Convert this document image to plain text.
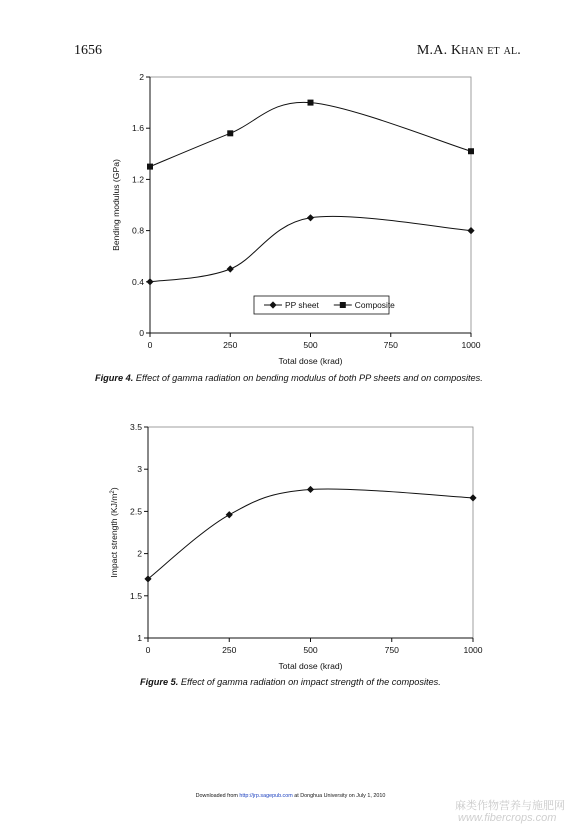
1656	M.A. Khan et al.
0	250	500	750	1000
0
0.4
0.8
1.2
1.6
2
Total dose (krad)
Bending modulus (GPa)
PP sheet	Composite
0	250	500	750	1000
1
1.5
2
2.5
3
3.5
Total dose (krad)
Impact strength $(KJ/m^2)$
Figure 4. Effect of gamma radiation on bending modulus of both PP sheets and on composites.
Figure 5. Effect of gamma radiation on impact strength of the composites.
Downloaded from http://jrp.sagepub.com at Donghua University on July 1, 2010
麻类作物营养与施肥网
www.fibercrops.com
